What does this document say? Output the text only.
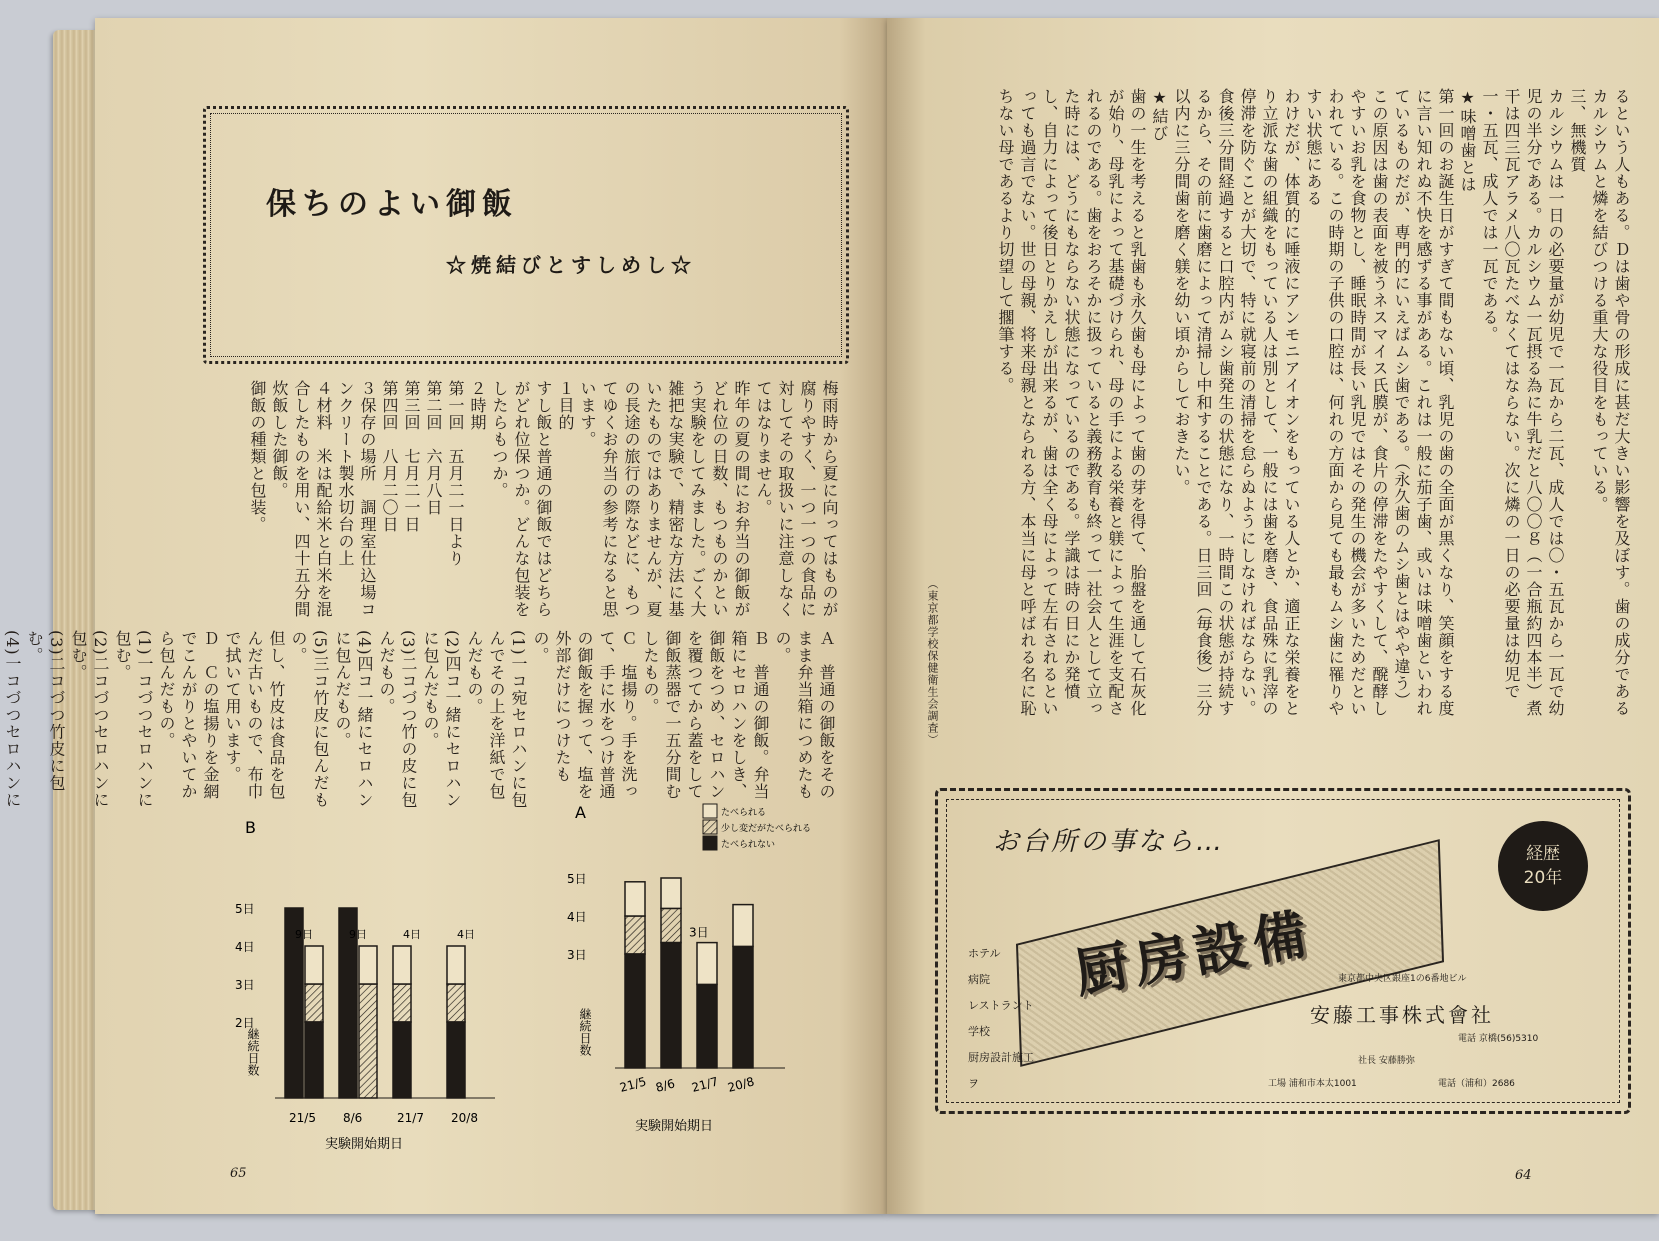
保ちのよい御飯
☆焼結びとすしめし☆

梅雨時から夏に向ってはものが腐りやすく、一つ一つの食品に対してその取扱いに注意しなくてはなりません。
昨年の夏の間にお弁当の御飯がどれ位の日数、もつものかという実験をしてみました。ごく大雑把な実験で、精密な方法に基いたものではありませんが、夏の長途の旅行の際などに、もつてゆくお弁当の参考になると思います。
１目的
すし飯と普通の御飯ではどちらがどれ位保つか。どんな包装をしたらもつか。
２時期
第一回　五月二一日より
第二回　六月八日
第三回　七月二一日
第四回　八月二〇日
３保存の場所　調理室仕込場コンクリート製水切台の上
４材料　米は配給米と白米を混合したものを用い、四十五分間炊飯した御飯。
御飯の種類と包装。

Ａ　普通の御飯をそのまま弁当箱につめたもの。
Ｂ　普通の御飯。弁当箱にセロハンをしき、御飯をつめ、セロハンを覆つてから蓋をして御飯蒸器で一五分間むしたもの。
Ｃ　塩揚り。手を洗って、手に水をつけ普通の御飯を握って、塩を外部だけにつけたもの。
(1)一コ宛セロハンに包んでその上を洋紙で包んだもの。
(2)四コ一緒にセロハンに包んだもの。
(3)二コづつ竹の皮に包んだもの。
(4)四コ一緒にセロハンに包んだもの。
(5)三コ竹皮に包んだもの。
但し、竹皮は食品を包んだ古いもので、布巾で拭いて用います。
Ｄ　Ｃの塩揚りを金網でこんがりとやいてから包んだもの。
(1)一コづつセロハンに包む。
(2)二コづつセロハンに包む。
(3)二コづつ竹皮に包む。
(4)一コづつセロハンに

B
2日
3日
4日
5日
継続日数
9日
21/5
9日
8/6
4日
21/7
4日
20/8
実験開始期日
A
3日
4日
5日
継続日数
21/5 8/6 21/7 20/8
3日
実験開始期日
たべられる
少し変だがたべられる
たべられない
65

るという人もある。Ｄは歯や骨の形成に甚だ大きい影響を及ぼす。歯の成分であるカルシウムと燐を結びつける重大な役目をもっている。
三、無機質
カルシウムは一日の必要量が幼児で一瓦から二瓦、成人では〇・五瓦から一瓦で幼児の半分である。カルシウム一瓦摂る為に牛乳だと八〇〇ｇ（一合瓶約四本半）煮干は四三瓦アラメ八〇瓦たべなくてはならない。次に燐の一日の必要量は幼児で一・五瓦、成人では一瓦である。
★味噌歯とは
第一回のお誕生日がすぎて間もない頃、乳児の歯の全面が黒くなり、笑顔をする度に言い知れぬ不快を感ずる事がある。これは一般に茄子歯、或いは味噌歯といわれているものだが、専門的にいえばムシ歯である。（永久歯のムシ歯とはやや違う）
この原因は歯の表面を被うネスマイス氏膜が、食片の停滞をたやすくして、醗酵しやすいお乳を食物とし、睡眠時間が長い乳児ではその発生の機会が多いためだといわれている。この時期の子供の口腔は、何れの方面から見ても最もムシ歯に罹りやすい状態にある
わけだが、体質的に唾液にアンモニアイオンをもっている人とか、適正な栄養をとり立派な歯の組織をもっている人は別として、一般には歯を磨き、食品殊に乳滓の停滞を防ぐことが大切で、特に就寝前の清掃を怠らぬようにしなければならない。食後三分間経過すると口腔内がムシ歯発生の状態になり、一時間この状態が持続するから、その前に歯磨によって清掃し中和することである。日三回（毎食後）三分以内に三分間歯を磨く躾を幼い頃からしておきたい。
★結び
歯の一生を考えると乳歯も永久歯も母によって歯の芽を得て、胎盤を通して石灰化が始り、母乳によって基礎づけられ、母の手による栄養と躾によって生涯を支配されるのである。歯をおろそかに扱っていると義務教育も終って一社会人として立った時には、どうにもならない状態になっているのである。学識は時の日にか発憤し、自力によって後日とりかえしが出来るが、歯は全く母によって左右されるといっても過言でない。世の母親、将来母親となられる方、本当に母と呼ばれる名に恥ちない母であるより切望して擱筆する。

（東京都学校保健衛生会調査）
お台所の事なら…	経歴
20年
厨房設備
ホテル
病院
レストラント
学校
厨房設計施工
ヲ
東京都中央区銀座1の6番地ビル
安藤工事株式會社
電話 京橋(56)5310
社長 安藤勝弥
工場 浦和市本太1001	電話（浦和）2686
64
